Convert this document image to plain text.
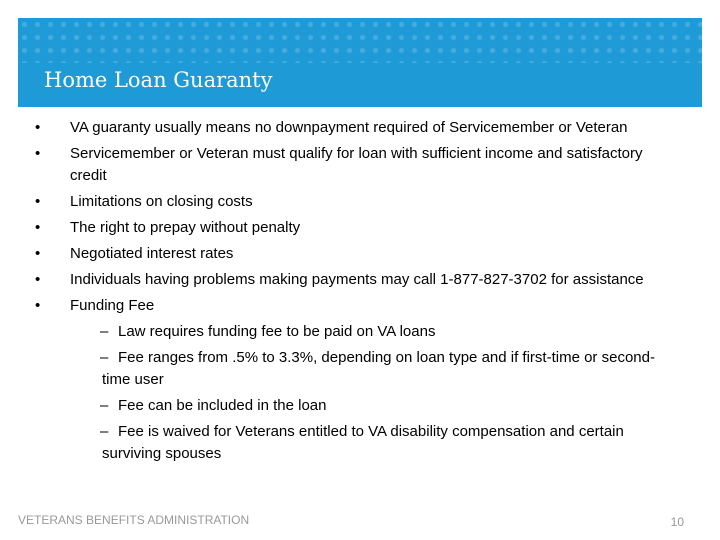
Home Loan Guaranty
• VA guaranty usually means no downpayment required of Servicemember or Veteran
• Servicemember or Veteran must qualify for loan with sufficient income and satisfactory credit
• Limitations on closing costs
• The right to prepay without penalty
• Negotiated interest rates
• Individuals having problems making payments may call 1-877-827-3702 for assistance
• Funding Fee
– Law requires funding fee to be paid on VA loans
– Fee ranges from .5% to 3.3%, depending on loan type and if first-time or second-time user
– Fee can be included in the loan
– Fee is waived for Veterans entitled to VA disability compensation and certain surviving spouses
VETERANS BENEFITS ADMINISTRATION	10
